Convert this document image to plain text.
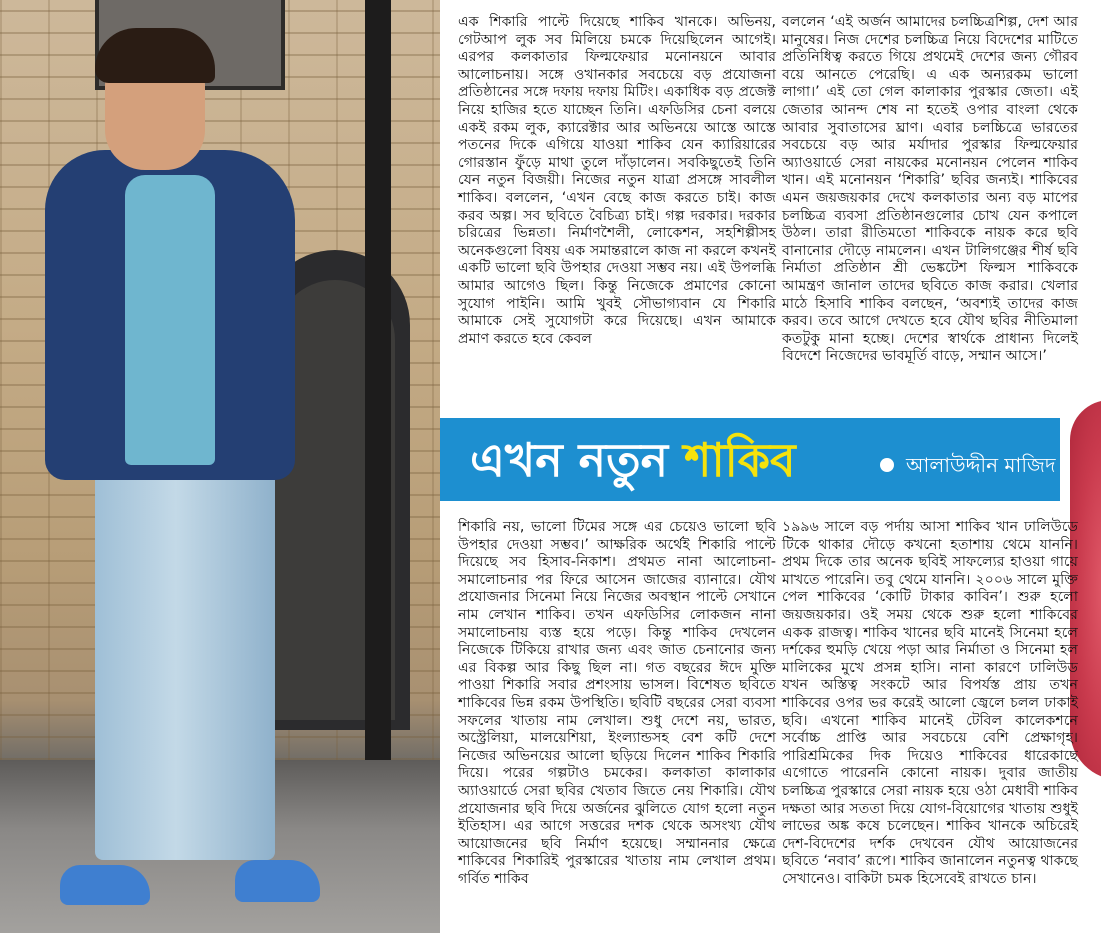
এক শিকারি পাল্টে দিয়েছে শাকিব খানকে। অভিনয়, গেটআপ লুক সব মিলিয়ে চমকে দিয়েছিলেন আগেই। এরপর কলকাতার ফিল্মফেয়ার মনোনয়নে আবার আলোচনায়। সঙ্গে ওখানকার সবচেয়ে বড় প্রযোজনা প্রতিষ্ঠানের সঙ্গে দফায় দফায় মিটিং। একাধিক বড় প্রজেক্ট নিয়ে হাজির হতে যাচ্ছেন তিনি। এফডিসির চেনা বলয়ে একই রকম লুক, ক্যারেক্টার আর অভিনয়ে আস্তে আস্তে পতনের দিকে এগিয়ে যাওয়া শাকিব যেন ক্যারিয়ারের গোরস্তান ফুঁড়ে মাথা তুলে দাঁড়ালেন। সবকিছুতেই তিনি যেন নতুন বিজয়ী। নিজের নতুন যাত্রা প্রসঙ্গে সাবলীল শাকিব। বললেন, ‘এখন বেছে কাজ করতে চাই। কাজ করব অল্প। সব ছবিতে বৈচিত্র্য চাই। গল্প দরকার। দরকার চরিত্রের ভিন্নতা। নির্মাণশৈলী, লোকেশন, সহশিল্পীসহ অনেকগুলো বিষয় এক সমান্তরালে কাজ না করলে কখনই একটি ভালো ছবি উপহার দেওয়া সম্ভব নয়। এই উপলব্ধি আমার আগেও ছিল। কিন্তু নিজেকে প্রমাণের কোনো সুযোগ পাইনি। আমি খুবই সৌভাগ্যবান যে শিকারি আমাকে সেই সুযোগটা করে দিয়েছে। এখন আমাকে প্রমাণ করতে হবে কেবল

বললেন ‘এই অর্জন আমাদের চলচ্চিত্রশিল্প, দেশ আর মানুষের। নিজ দেশের চলচ্চিত্র নিয়ে বিদেশের মাটিতে প্রতিনিধিত্ব করতে গিয়ে প্রথমেই দেশের জন্য গৌরব বয়ে আনতে পেরেছি। এ এক অন্যরকম ভালো লাগা।’ এই তো গেল কালাকার পুরস্কার জেতা। এই জেতার আনন্দ শেষ না হতেই ওপার বাংলা থেকে আবার সুবাতাসের ঘ্রাণ। এবার চলচ্চিত্রে ভারতের সবচেয়ে বড় আর মর্যাদার পুরস্কার ফিল্মফেয়ার অ্যাওয়ার্ডে সেরা নায়কের মনোনয়ন পেলেন শাকিব খান। এই মনোনয়ন ‘শিকারি’ ছবির জন্যই। শাকিবের এমন জয়জয়কার দেখে কলকাতার অন্য বড় মাপের চলচ্চিত্র ব্যবসা প্রতিষ্ঠানগুলোর চোখ যেন কপালে উঠল। তারা রীতিমতো শাকিবকে নায়ক করে ছবি বানানোর দৌড়ে নামলেন। এখন টালিগঞ্জের শীর্ষ ছবি নির্মাতা প্রতিষ্ঠান শ্রী ভেঙ্কটেশ ফিল্মস শাকিবকে আমন্ত্রণ জানাল তাদের ছবিতে কাজ করার। খেলার মাঠে হিসাবি শাকিব বলছেন, ‘অবশ্যই তাদের কাজ করব। তবে আগে দেখতে হবে যৌথ ছবির নীতিমালা কতটুকু মানা হচ্ছে। দেশের স্বার্থকে প্রাধান্য দিলেই বিদেশে নিজেদের ভাবমূর্তি বাড়ে, সম্মান আসে।’

এখন নতুন শাকিব	আলাউদ্দীন মাজিদ

শিকারি নয়, ভালো টিমের সঙ্গে এর চেয়েও ভালো ছবি উপহার দেওয়া সম্ভব।’ আক্ষরিক অর্থেই শিকারি পাল্টে দিয়েছে সব হিসাব-নিকাশ। প্রথমত নানা আলোচনা-সমালোচনার পর ফিরে আসেন জাজের ব্যানারে। যৌথ প্রযোজনার সিনেমা নিয়ে নিজের অবস্থান পাল্টে সেখানে নাম লেখান শাকিব। তখন এফডিসির লোকজন নানা সমালোচনায় ব্যস্ত হয়ে পড়ে। কিন্তু শাকিব দেখলেন নিজেকে টিকিয়ে রাখার জন্য এবং জাত চেনানোর জন্য এর বিকল্প আর কিছু ছিল না। গত বছরের ঈদে মুক্তি পাওয়া শিকারি সবার প্রশংসায় ভাসল। বিশেষত ছবিতে শাকিবের ভিন্ন রকম উপস্থিতি। ছবিটি বছরের সেরা ব্যবসা সফলের খাতায় নাম লেখাল। শুধু দেশে নয়, ভারত, অস্ট্রেলিয়া, মালয়েশিয়া, ইংল্যান্ডসহ বেশ কটি দেশে নিজের অভিনয়ের আলো ছড়িয়ে দিলেন শাকিব শিকারি দিয়ে। পরের গল্পটাও চমকের। কলকাতা কালাকার অ্যাওয়ার্ডে সেরা ছবির খেতাব জিতে নেয় শিকারি। যৌথ প্রযোজনার ছবি দিয়ে অর্জনের ঝুলিতে যোগ হলো নতুন ইতিহাস। এর আগে সত্তরের দশক থেকে অসংখ্য যৌথ আয়োজনের ছবি নির্মাণ হয়েছে। সম্মাননার ক্ষেত্রে শাকিবের শিকারিই পুরস্কারের খাতায় নাম লেখাল প্রথম। গর্বিত শাকিব

১৯৯৬ সালে বড় পর্দায় আসা শাকিব খান ঢালিউডে টিকে থাকার দৌড়ে কখনো হতাশায় থেমে যাননি। প্রথম দিকে তার অনেক ছবিই সাফল্যের হাওয়া গায়ে মাখতে পারেনি। তবু থেমে যাননি। ২০০৬ সালে মুক্তি পেল শাকিবের ‘কোটি টাকার কাবিন’। শুরু হলো জয়জয়কার। ওই সময় থেকে শুরু হলো শাকিবের একক রাজত্ব। শাকিব খানের ছবি মানেই সিনেমা হলে দর্শকের হুমড়ি খেয়ে পড়া আর নির্মাতা ও সিনেমা হল মালিকের মুখে প্রসন্ন হাসি। নানা কারণে ঢালিউড যখন অস্তিত্ব সংকটে আর বিপর্যস্ত প্রায় তখন শাকিবের ওপর ভর করেই আলো জ্বেলে চলল ঢাকাই ছবি। এখনো শাকিব মানেই টেবিল কালেকশনে সর্বোচ্চ প্রাপ্তি আর সবচেয়ে বেশি প্রেক্ষাগৃহ। পারিশ্রমিকের দিক দিয়েও শাকিবের ধারেকাছে এগোতে পারেননি কোনো নায়ক। দুবার জাতীয় চলচ্চিত্র পুরস্কারে সেরা নায়ক হয়ে ওঠা মেধাবী শাকিব দক্ষতা আর সততা দিয়ে যোগ-বিয়োগের খাতায় শুধুই লাভের অঙ্ক কষে চলেছেন। শাকিব খানকে অচিরেই দেশ-বিদেশের দর্শক দেখবেন যৌথ আয়োজনের ছবিতে ‘নবাব’ রূপে। শাকিব জানালেন নতুনত্ব থাকছে সেখানেও। বাকিটা চমক হিসেবেই রাখতে চান।
